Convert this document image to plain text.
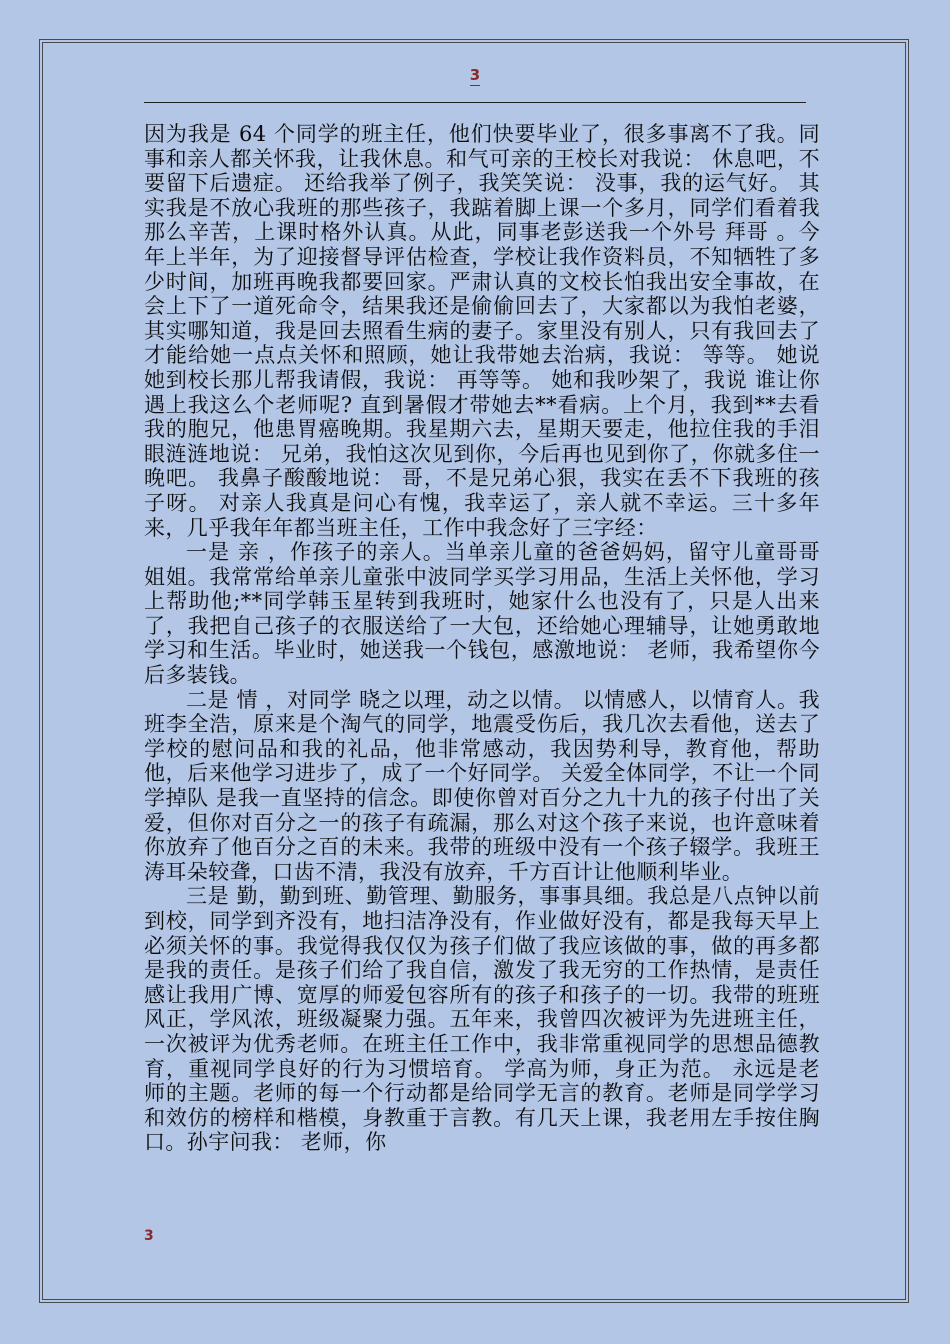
3

因为我是 64 个同学的班主任，他们快要毕业了，很多事离不了我。同事和亲人都关怀我，让我休息。和气可亲的王校长对我说： 休息吧，不要留下后遗症。 还给我举了例子，我笑笑说： 没事，我的运气好。 其实我是不放心我班的那些孩子，我踮着脚上课一个多月，同学们看着我那么辛苦，上课时格外认真。从此，同事老彭送我一个外号 拜哥 。今年上半年，为了迎接督导评估检查，学校让我作资料员，不知牺牲了多少时间，加班再晚我都要回家。严肃认真的文校长怕我出安全事故，在会上下了一道死命令，结果我还是偷偷回去了，大家都以为我怕老婆，其实哪知道，我是回去照看生病的妻子。家里没有别人，只有我回去了才能给她一点点关怀和照顾，她让我带她去治病，我说： 等等。 她说她到校长那儿帮我请假，我说： 再等等。 她和我吵架了，我说 谁让你遇上我这么个老师呢? 直到暑假才带她去**看病。上个月，我到**去看我的胞兄，他患胃癌晚期。我星期六去，星期天要走，他拉住我的手泪眼涟涟地说： 兄弟，我怕这次见到你，今后再也见到你了，你就多住一晚吧。 我鼻子酸酸地说： 哥，不是兄弟心狠，我实在丢不下我班的孩子呀。 对亲人我真是问心有愧，我幸运了，亲人就不幸运。三十多年来，几乎我年年都当班主任，工作中我念好了三字经：

一是 亲 ，作孩子的亲人。当单亲儿童的爸爸妈妈，留守儿童哥哥姐姐。我常常给单亲儿童张中波同学买学习用品，生活上关怀他，学习上帮助他;**同学韩玉星转到我班时，她家什么也没有了，只是人出来了，我把自己孩子的衣服送给了一大包，还给她心理辅导，让她勇敢地学习和生活。毕业时，她送我一个钱包，感激地说： 老师，我希望你今后多装钱。

二是 情 ，对同学 晓之以理，动之以情。 以情感人，以情育人。我班李全浩，原来是个淘气的同学，地震受伤后，我几次去看他，送去了学校的慰问品和我的礼品，他非常感动，我因势利导，教育他，帮助他，后来他学习进步了，成了一个好同学。 关爱全体同学，不让一个同学掉队 是我一直坚持的信念。即使你曾对百分之九十九的孩子付出了关爱，但你对百分之一的孩子有疏漏，那么对这个孩子来说，也许意味着你放弃了他百分之百的未来。我带的班级中没有一个孩子辍学。我班王涛耳朵较聋，口齿不清，我没有放弃，千方百计让他顺利毕业。

三是 勤，勤到班、勤管理、勤服务，事事具细。我总是八点钟以前到校，同学到齐没有，地扫洁净没有，作业做好没有，都是我每天早上必须关怀的事。我觉得我仅仅为孩子们做了我应该做的事，做的再多都是我的责任。是孩子们给了我自信，激发了我无穷的工作热情，是责任感让我用广博、宽厚的师爱包容所有的孩子和孩子的一切。我带的班班风正，学风浓，班级凝聚力强。五年来，我曾四次被评为先进班主任，一次被评为优秀老师。在班主任工作中，我非常重视同学的思想品德教育，重视同学良好的行为习惯培育。 学高为师，身正为范。 永远是老师的主题。老师的每一个行动都是给同学无言的教育。老师是同学学习和效仿的榜样和楷模，身教重于言教。有几天上课，我老用左手按住胸口。孙宇问我： 老师，你

3
